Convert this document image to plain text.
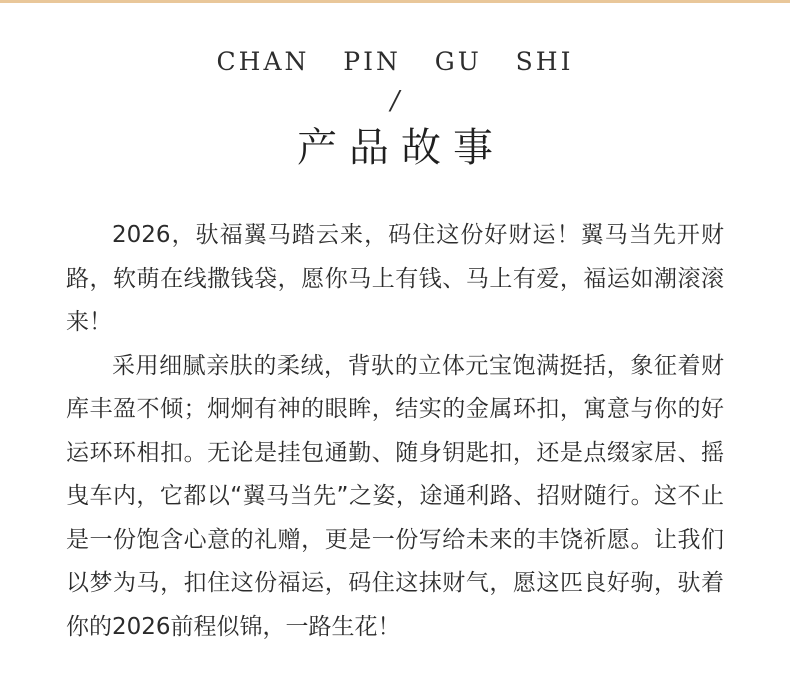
CHAN  PIN  GU  SHI
/
产品故事

2026，驮福翼马踏云来，码住这份好财运！翼马当先开财路，软萌在线撒钱袋，愿你马上有钱、马上有爱，福运如潮滚滚来！

采用细腻亲肤的柔绒，背驮的立体元宝饱满挺括，象征着财库丰盈不倾；炯炯有神的眼眸，结实的金属环扣，寓意与你的好运环环相扣。无论是挂包通勤、随身钥匙扣，还是点缀家居、摇曳车内，它都以“翼马当先”之姿，途通利路、招财随行。这不止是一份饱含心意的礼赠，更是一份写给未来的丰饶祈愿。让我们以梦为马，扣住这份福运，码住这抹财气，愿这匹良好驹，驮着你的2026前程似锦，一路生花！
